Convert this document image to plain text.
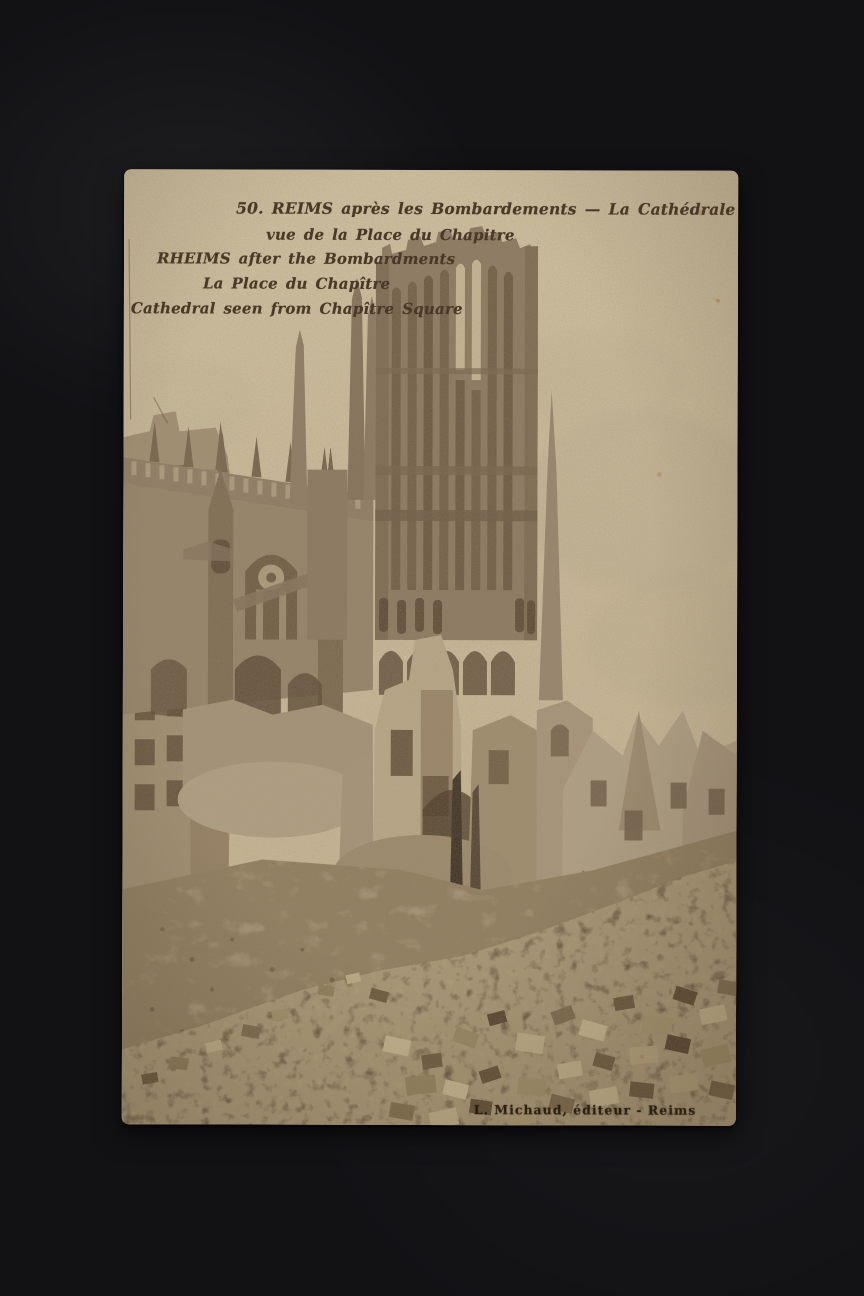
50. REIMS après les Bombardements — La Cathédrale
vue de la Place du Chapitre
RHEIMS after the Bombardments
La Place du Chapître
Cathedral seen from Chapître Square
L. Michaud, éditeur - Reims
